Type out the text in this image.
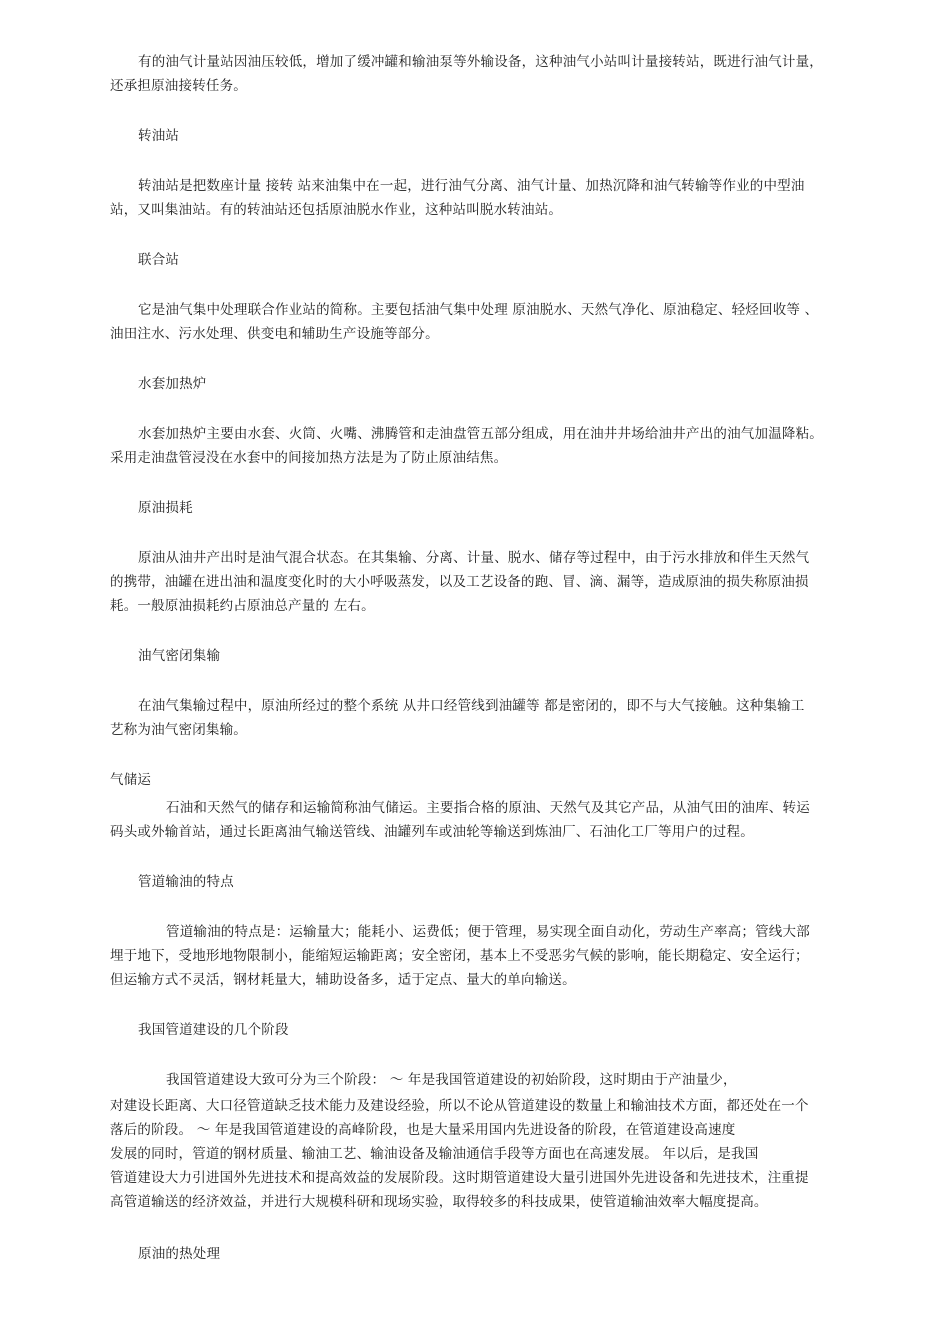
有的油气计量站因油压较低，增加了缓冲罐和输油泵等外输设备，这种油气小站叫计量接转站，既进行油气计量，
还承担原油接转任务。
转油站
转油站是把数座计量 接转 站来油集中在一起，进行油气分离、油气计量、加热沉降和油气转输等作业的中型油
站，又叫集油站。有的转油站还包括原油脱水作业，这种站叫脱水转油站。
联合站
它是油气集中处理联合作业站的简称。主要包括油气集中处理 原油脱水、天然气净化、原油稳定、轻烃回收等 、
油田注水、污水处理、供变电和辅助生产设施等部分。
水套加热炉
水套加热炉主要由水套、火筒、火嘴、沸腾管和走油盘管五部分组成，用在油井井场给油井产出的油气加温降粘。
采用走油盘管浸没在水套中的间接加热方法是为了防止原油结焦。
原油损耗
原油从油井产出时是油气混合状态。在其集输、分离、计量、脱水、储存等过程中，由于污水排放和伴生天然气
的携带，油罐在进出油和温度变化时的大小呼吸蒸发，以及工艺设备的跑、冒、滴、漏等，造成原油的损失称原油损
耗。一般原油损耗约占原油总产量的 左右。
油气密闭集输
在油气集输过程中，原油所经过的整个系统 从井口经管线到油罐等 都是密闭的，即不与大气接触。这种集输工
艺称为油气密闭集输。
气储运
石油和天然气的储存和运输简称油气储运。主要指合格的原油、天然气及其它产品，从油气田的油库、转运
码头或外输首站，通过长距离油气输送管线、油罐列车或油轮等输送到炼油厂、石油化工厂等用户的过程。
管道输油的特点
管道输油的特点是：运输量大；能耗小、运费低；便于管理，易实现全面自动化，劳动生产率高；管线大部
埋于地下，受地形地物限制小，能缩短运输距离；安全密闭，基本上不受恶劣气候的影响，能长期稳定、安全运行；
但运输方式不灵活，钢材耗量大，辅助设备多，适于定点、量大的单向输送。
我国管道建设的几个阶段
我国管道建设大致可分为三个阶段： ～ 年是我国管道建设的初始阶段，这时期由于产油量少，
对建设长距离、大口径管道缺乏技术能力及建设经验，所以不论从管道建设的数量上和输油技术方面，都还处在一个
落后的阶段。 ～ 年是我国管道建设的高峰阶段，也是大量采用国内先进设备的阶段，在管道建设高速度
发展的同时，管道的钢材质量、输油工艺、输油设备及输油通信手段等方面也在高速发展。 年以后，是我国
管道建设大力引进国外先进技术和提高效益的发展阶段。这时期管道建设大量引进国外先进设备和先进技术，注重提
高管道输送的经济效益，并进行大规模科研和现场实验，取得较多的科技成果，使管道输油效率大幅度提高。
原油的热处理
